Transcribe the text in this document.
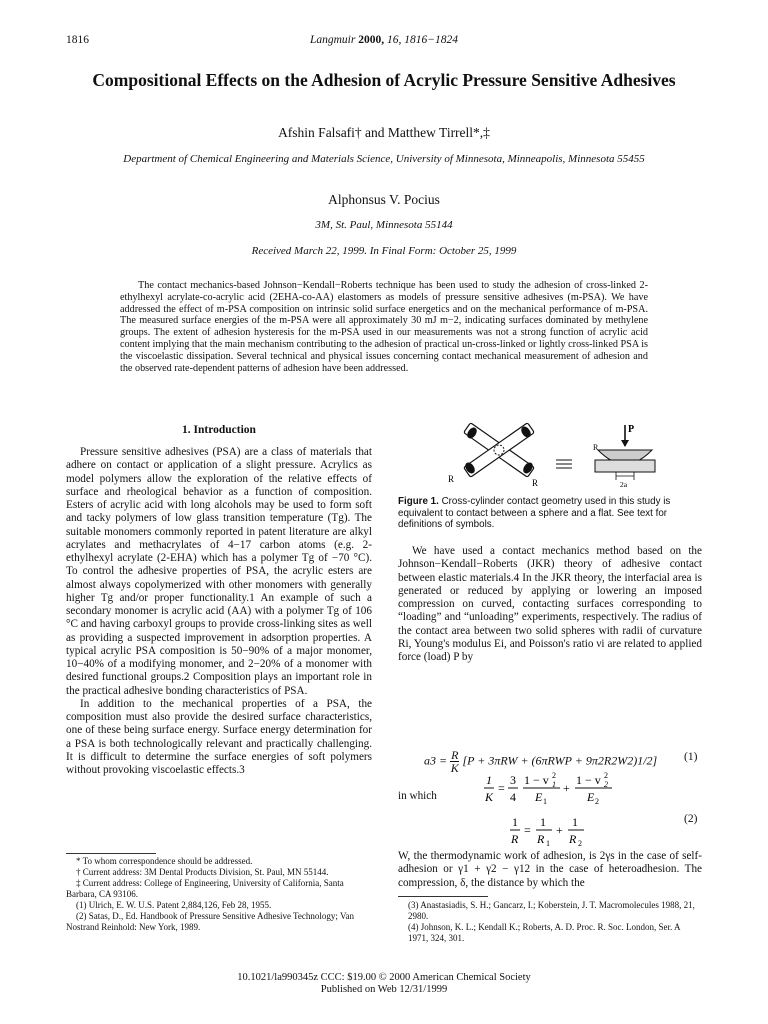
1816	Langmuir 2000, 16, 1816−1824
Compositional Effects on the Adhesion of Acrylic Pressure Sensitive Adhesives
Afshin Falsafi† and Matthew Tirrell*,‡
Department of Chemical Engineering and Materials Science, University of Minnesota, Minneapolis, Minnesota 55455
Alphonsus V. Pocius
3M, St. Paul, Minnesota 55144
Received March 22, 1999. In Final Form: October 25, 1999

The contact mechanics-based Johnson−Kendall−Roberts technique has been used to study the adhesion of cross-linked 2-ethylhexyl acrylate-co-acrylic acid (2EHA-co-AA) elastomers as models of pressure sensitive adhesives (m-PSA). We have addressed the effect of m-PSA composition on intrinsic solid surface energetics and on the mechanical performance of m-PSA. The measured surface energies of the m-PSA were all approximately 30 mJ m−2, indicating surfaces dominated by methylene groups. The extent of adhesion hysteresis for the m-PSA used in our measurements was not a strong function of acrylic acid content implying that the main mechanism contributing to the adhesion of practical un-cross-linked or lightly cross-linked PSA is the viscoelastic dissipation. Several technical and physical issues concerning contact mechanical measurement of adhesion and the observed rate-dependent patterns of adhesion have been addressed.

1. Introduction

Pressure sensitive adhesives (PSA) are a class of materials that adhere on contact or application of a slight pressure. Acrylics as model polymers allow the exploration of the relative effects of surface and rheological behavior as a function of composition. Esters of acrylic acid with long alcohols may be used to form soft and tacky polymers of low glass transition temperature (Tg). The suitable monomers commonly reported in patent literature are alkyl acrylates and methacrylates of 4−17 carbon atoms (e.g. 2-ethylhexyl acrylate (2-EHA) which has a polymer Tg of −70 °C). To control the adhesive properties of PSA, the acrylic esters are almost always copolymerized with other monomers with generally higher Tg and/or proper functionality.1 An example of such a secondary monomer is acrylic acid (AA) with a polymer Tg of 106 °C and having carboxyl groups to provide cross-linking sites as well as providing a suspected improvement in adsorption properties. A typical acrylic PSA composition is 50−90% of a major monomer, 10−40% of a modifying monomer, and 2−20% of a monomer with desired functional groups.2 Composition plays an important role in the practical adhesive bonding characteristics of PSA.

In addition to the mechanical properties of a PSA, the composition must also provide the desired surface characteristics, one of these being surface energy. Surface energy determination for a PSA is both technologically relevant and practically challenging. It is difficult to determine the surface energies of soft polymers without provoking viscoelastic effects.3

* To whom correspondence should be addressed.
† Current address: 3M Dental Products Division, St. Paul, MN 55144.
‡ Current address: College of Engineering, University of California, Santa Barbara, CA 93106.
(1) Ulrich, E. W. U.S. Patent 2,884,126, Feb 28, 1955.
(2) Satas, D., Ed. Handbook of Pressure Sensitive Adhesive Technology; Van Nostrand Reinhold: New York, 1989.
R	R
P
R
2a
Figure 1. Cross-cylinder contact geometry used in this study is equivalent to contact between a sphere and a flat. See text for definitions of symbols.

We have used a contact mechanics method based on the Johnson−Kendall−Roberts (JKR) theory of adhesive contact between elastic materials.4 In the JKR theory, the interfacial area is generated or reduced by applying or lowering an imposed compression on curved, contacting surfaces corresponding to “loading” and “unloading” experiments, respectively. The radius of the contact area between two solid spheres with radii of curvature Ri, Young's modulus Ei, and Poisson's ratio νi are related to applied force (load) P by

$a3 = \frac{R}{K} [P + 3\pi RW + (6\pi RWP + 9\pi 2R2W2)1/2]$	(1)
in which
1
K
=
3
4
1 − v 1
2
E 1
+
1 − v 2
2
E 2
1
R
=
1
R 1
+
1
R 2
(2)

W, the thermodynamic work of adhesion, is 2γs in the case of self-adhesion or γ1 + γ2 − γ12 in the case of heteroadhesion. The compression, δ, the distance by which the

(3) Anastasiadis, S. H.; Gancarz, I.; Koberstein, J. T. Macromolecules 1988, 21, 2980.
(4) Johnson, K. L.; Kendall K.; Roberts, A. D. Proc. R. Soc. London, Ser. A 1971, 324, 301.
10.1021/la990345z CCC: $19.00 © 2000 American Chemical Society
Published on Web 12/31/1999
